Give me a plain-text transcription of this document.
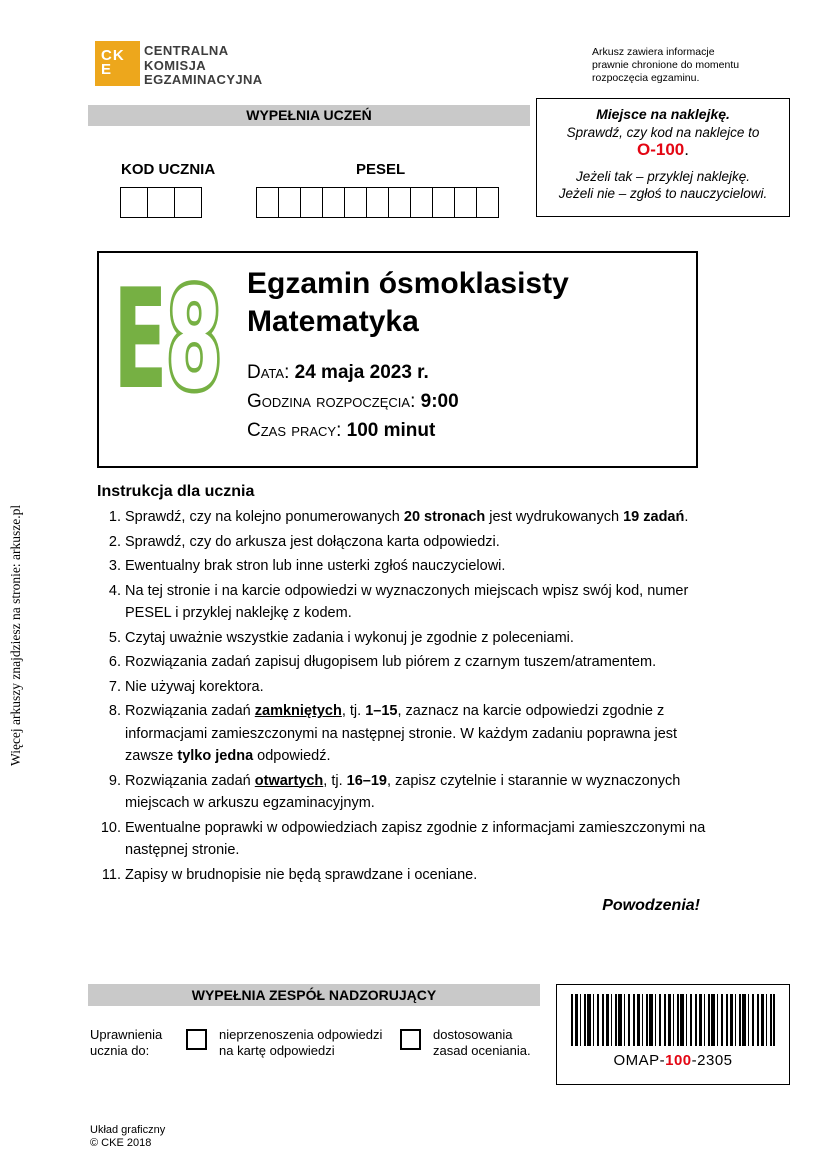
Więcej arkuszy znajdziesz na stronie: arkusze.pl
CK
E
CENTRALNA
KOMISJA
EGZAMINACYJNA
Arkusz zawiera informacje
prawnie chronione do momentu
rozpoczęcia egzaminu.
WYPEŁNIA UCZEŃ	Miejsce na naklejkę.
Sprawdź, czy kod na naklejce to
O-100.
Jeżeli tak – przyklej naklejkę.
Jeżeli nie – zgłoś to nauczycielowi.
KOD UCZNIA	PESEL
E
8 Egzamin ósmoklasisty
Matematyka
Data: 24 maja 2023 r.
Godzina rozpoczęcia: 9:00
Czas pracy: 100 minut
Instrukcja dla ucznia
1. Sprawdź, czy na kolejno ponumerowanych 20 stronach jest wydrukowanych 19 zadań.
2. Sprawdź, czy do arkusza jest dołączona karta odpowiedzi.
3. Ewentualny brak stron lub inne usterki zgłoś nauczycielowi.
4. Na tej stronie i na karcie odpowiedzi w wyznaczonych miejscach wpisz swój kod, numer PESEL i przyklej naklejkę z kodem.
5. Czytaj uważnie wszystkie zadania i wykonuj je zgodnie z poleceniami.
6. Rozwiązania zadań zapisuj długopisem lub piórem z czarnym tuszem/atramentem.
7. Nie używaj korektora.
8. Rozwiązania zadań zamkniętych, tj. 1–15, zaznacz na karcie odpowiedzi zgodnie z informacjami zamieszczonymi na następnej stronie. W każdym zadaniu poprawna jest zawsze tylko jedna odpowiedź.
9. Rozwiązania zadań otwartych, tj. 16–19, zapisz czytelnie i starannie w wyznaczonych miejscach w arkuszu egzaminacyjnym.
10. Ewentualne poprawki w odpowiedziach zapisz zgodnie z informacjami zamieszczonymi na następnej stronie.
11. Zapisy w brudnopisie nie będą sprawdzane i oceniane.
Powodzenia!
WYPEŁNIA ZESPÓŁ NADZORUJĄCY
Uprawnienia
ucznia do:
nieprzenoszenia odpowiedzi
na kartę odpowiedzi
dostosowania
zasad oceniania.
OMAP-100-2305
Układ graficzny
© CKE 2018
